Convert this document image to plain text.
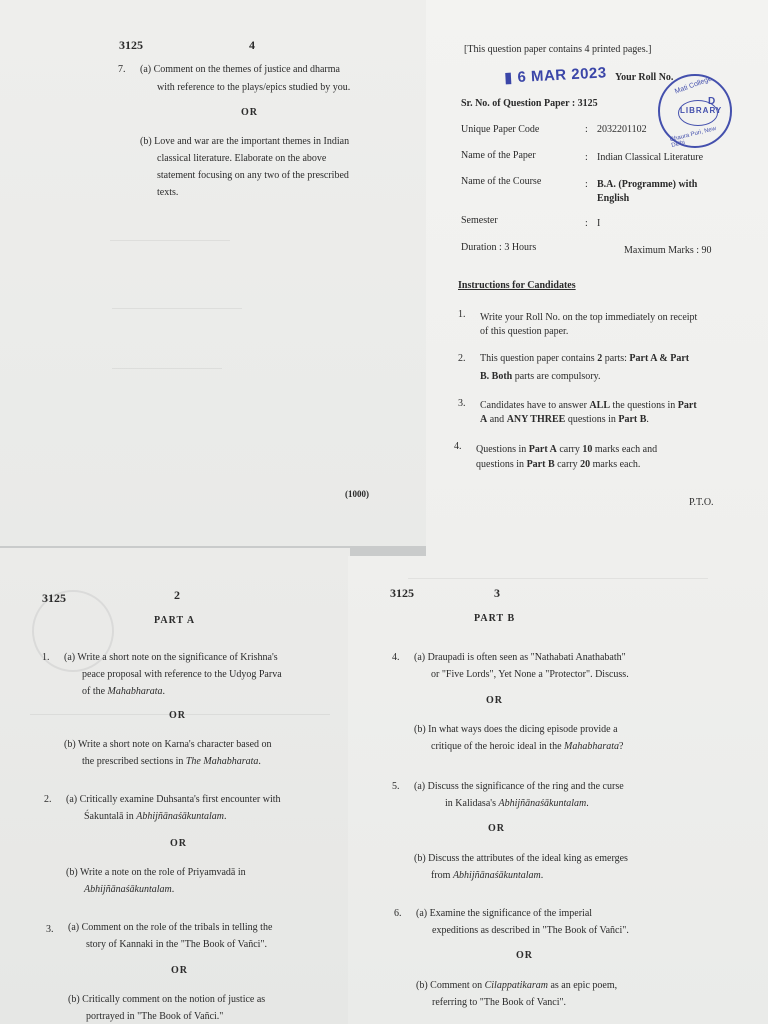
3125	4
7. (a) Comment on the themes of justice and dharma
with reference to the plays/epics studied by you.
OR
(b) Love and war are the important themes in Indian
classical literature. Elaborate on the above
statement focusing on any two of the prescribed
texts.
(1000)
[This question paper contains 4 printed pages.]
▮ 6 MAR 2023 Your Roll No.
LIBRARY
Mati College
Chaura Puri, New Delhi
D
Sr. No. of Question Paper : 3125
Unique Paper Code	: 2032201102
Name of the Paper	: Indian Classical Literature
Name of the Course	: B.A. (Programme) with
English
Semester	: I
Duration : 3 Hours	Maximum Marks : 90
Instructions for Candidates
1. Write your Roll No. on the top immediately on receipt
of this question paper.
2. This question paper contains 2 parts: Part A & Part
B. Both parts are compulsory.
3. Candidates have to answer ALL the questions in Part
A and ANY THREE questions in Part B.
4. Questions in Part A carry 10 marks each and
questions in Part B carry 20 marks each.
P.T.O.
3125	2
PART A
1. (a) Write a short note on the significance of Krishna's
peace proposal with reference to the Udyog Parva
of the Mahabharata.
OR
(b) Write a short note on Karna's character based on
the prescribed sections in The Mahabharata.
2. (a) Critically examine Duhsanta's first encounter with
Śakuntalā in Abhijñānaśākuntalam.
OR
(b) Write a note on the role of Priyamvadā in
Abhijñānaśākuntalam.
3. (a) Comment on the role of the tribals in telling the
story of Kannaki in the "The Book of Vañci".
OR
(b) Critically comment on the notion of justice as
portrayed in "The Book of Vañci."
3125	3
PART B
4. (a) Draupadi is often seen as "Nathabati Anathabath"
or "Five Lords", Yet None a "Protector". Discuss.
OR
(b) In what ways does the dicing episode provide a
critique of the heroic ideal in the Mahabharata?
5. (a) Discuss the significance of the ring and the curse
in Kalidasa's Abhijñānaśākuntalam.
OR
(b) Discuss the attributes of the ideal king as emerges
from Abhijñānaśākuntalam.
6. (a) Examine the significance of the imperial
expeditions as described in "The Book of Vañci".
OR
(b) Comment on Cilappatikaram as an epic poem,
referring to "The Book of Vanci".
